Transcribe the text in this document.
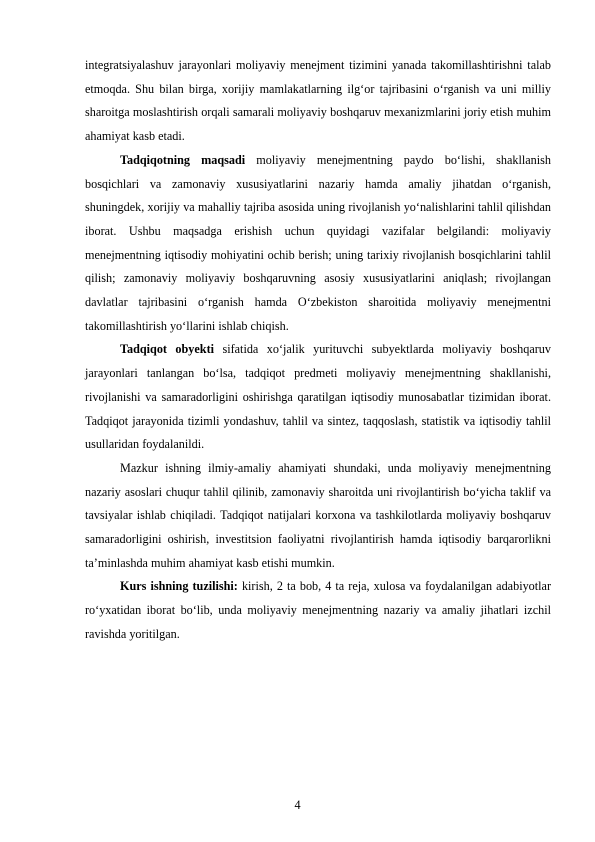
integratsiyalashuv jarayonlari moliyaviy menejment tizimini yanada takomillashtirishni talab etmoqda. Shu bilan birga, xorijiy mamlakatlarning ilg‘or tajribasini o‘rganish va uni milliy sharoitga moslashtirish orqali samarali moliyaviy boshqaruv mexanizmlarini joriy etish muhim ahamiyat kasb etadi.

Tadqiqotning maqsadi moliyaviy menejmentning paydo bo‘lishi, shakllanish bosqichlari va zamonaviy xususiyatlarini nazariy hamda amaliy jihatdan o‘rganish, shuningdek, xorijiy va mahalliy tajriba asosida uning rivojlanish yo‘nalishlarini tahlil qilishdan iborat. Ushbu maqsadga erishish uchun quyidagi vazifalar belgilandi: moliyaviy menejmentning iqtisodiy mohiyatini ochib berish; uning tarixiy rivojlanish bosqichlarini tahlil qilish; zamonaviy moliyaviy boshqaruvning asosiy xususiyatlarini aniqlash; rivojlangan davlatlar tajribasini o‘rganish hamda O‘zbekiston sharoitida moliyaviy menejmentni takomillashtirish yo‘llarini ishlab chiqish.

Tadqiqot obyekti sifatida xo‘jalik yurituvchi subyektlarda moliyaviy boshqaruv jarayonlari tanlangan bo‘lsa, tadqiqot predmeti moliyaviy menejmentning shakllanishi, rivojlanishi va samaradorligini oshirishga qaratilgan iqtisodiy munosabatlar tizimidan iborat. Tadqiqot jarayonida tizimli yondashuv, tahlil va sintez, taqqoslash, statistik va iqtisodiy tahlil usullaridan foydalanildi.

Mazkur ishning ilmiy-amaliy ahamiyati shundaki, unda moliyaviy menejmentning nazariy asoslari chuqur tahlil qilinib, zamonaviy sharoitda uni rivojlantirish bo‘yicha taklif va tavsiyalar ishlab chiqiladi. Tadqiqot natijalari korxona va tashkilotlarda moliyaviy boshqaruv samaradorligini oshirish, investitsion faoliyatni rivojlantirish hamda iqtisodiy barqarorlikni ta’minlashda muhim ahamiyat kasb etishi mumkin.

Kurs ishning tuzilishi: kirish, 2 ta bob, 4 ta reja, xulosa va foydalanilgan adabiyotlar ro‘yxatidan iborat bo‘lib, unda moliyaviy menejmentning nazariy va amaliy jihatlari izchil ravishda yoritilgan.

4
